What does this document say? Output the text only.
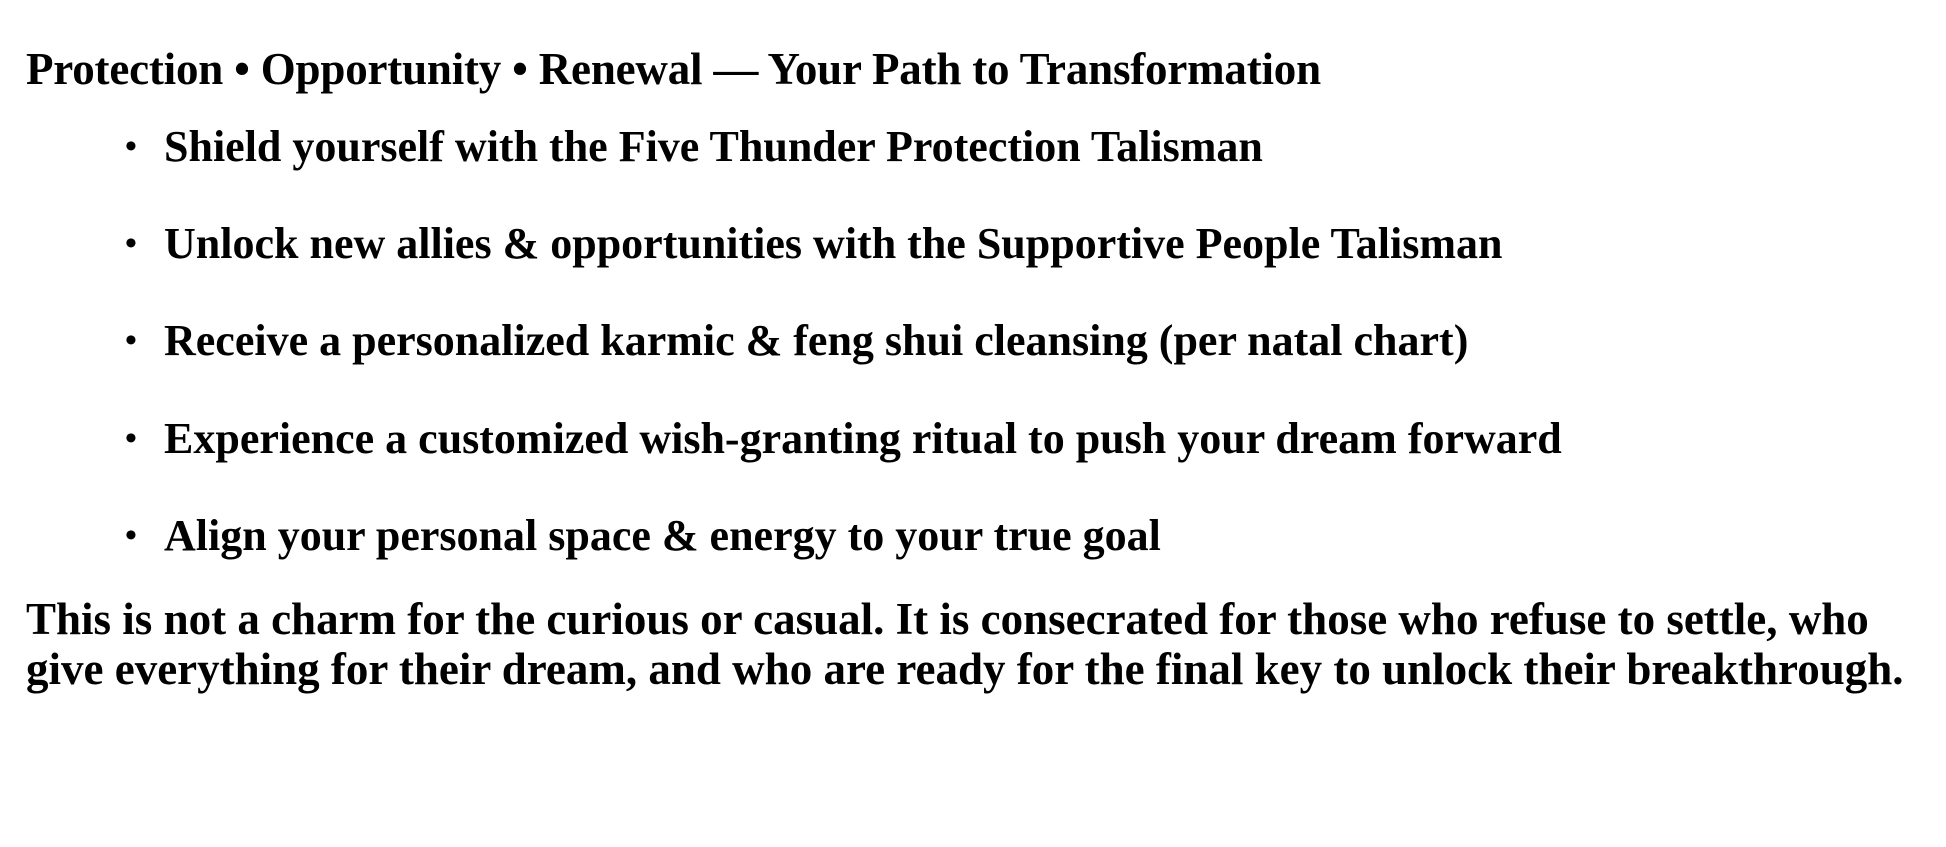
Protection • Opportunity • Renewal — Your Path to Transformation
• Shield yourself with the Five Thunder Protection Talisman
• Unlock new allies & opportunities with the Supportive People Talisman
• Receive a personalized karmic & feng shui cleansing (per natal chart)
• Experience a customized wish-granting ritual to push your dream forward
• Align your personal space & energy to your true goal

This is not a charm for the curious or casual. It is consecrated for those who refuse to settle, who give everything for their dream, and who are ready for the final key to unlock their breakthrough.
